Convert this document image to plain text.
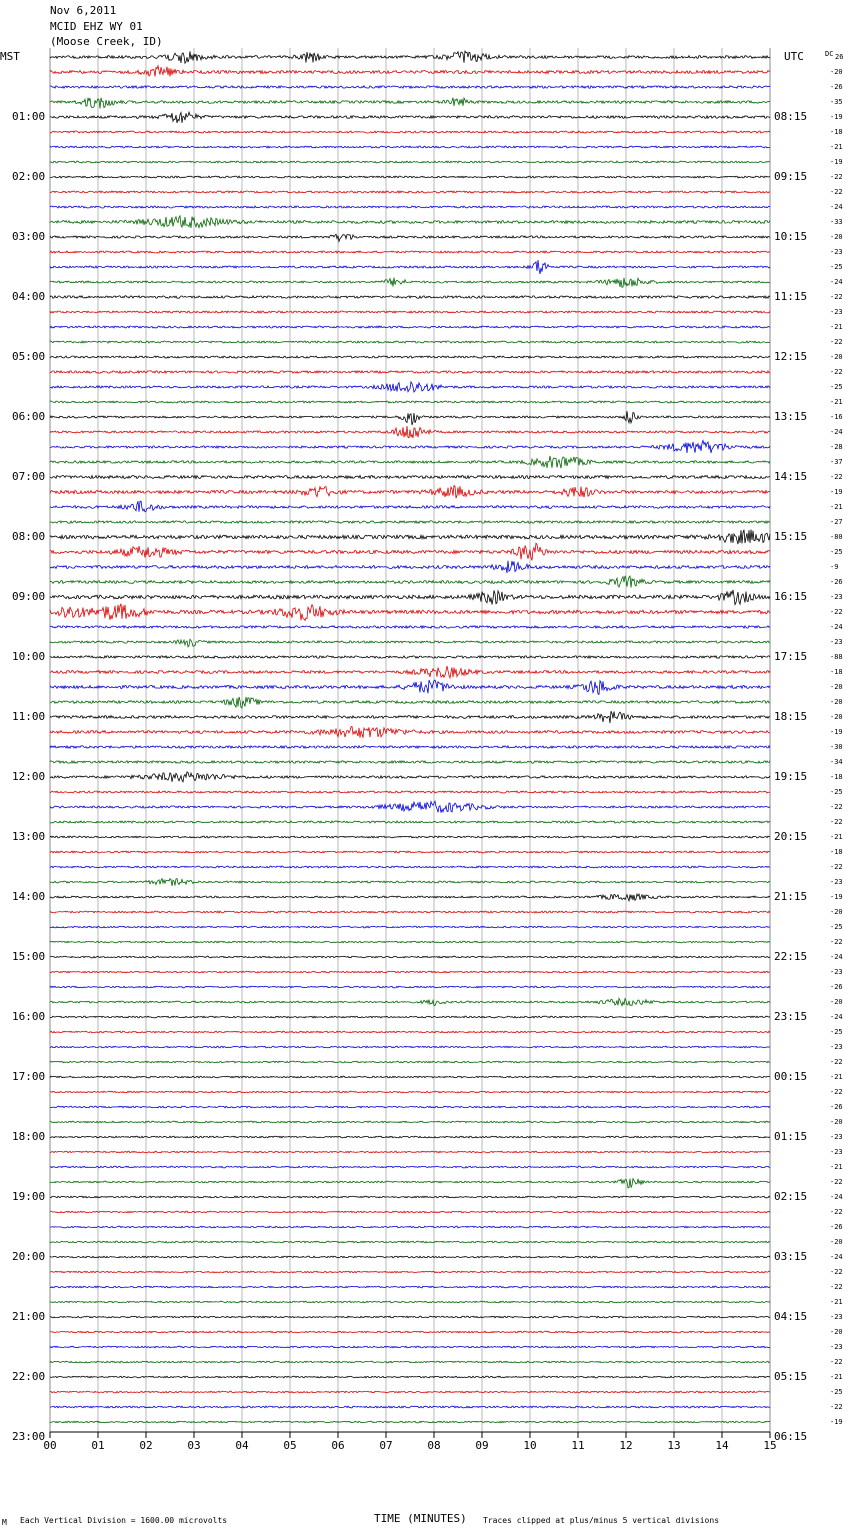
Nov 6,2011
MCID EHZ WY 01
(Moose Creek, ID)
MST	UTC	DC
00	01	02	03	04	05	06	07	08	09	10	11	12	13	14	15
01:00	08:15
02:00	09:15
03:00	10:15
04:00	11:15
05:00	12:15
06:00	13:15
07:00	14:15
08:00	15:15
09:00	16:15
10:00	17:15
11:00	18:15
12:00	19:15
13:00	20:15
14:00	21:15
15:00	22:15
16:00	23:15
17:00	00:15
18:00	01:15
19:00	02:15
20:00	03:15
21:00	04:15
22:00	05:15
23:00	06:15
26
-20
-26
-35
-19
-18
-21
-19
-22
-22
-24
-33
-20
-23
-25
-24
-22
-23
-21
-22
-20
-22
-25
-21
-16
-24
-28
-37
-22
-19
-21
-27
-80
-25
-9
-26
-23
-22
-24
-23
-88
-18
-20
-20
-20
-19
-30
-34
-18
-25
-22
-22
-21
-18
-22
-23
-19
-20
-25
-22
-24
-23
-26
-20
-24
-25
-23
-22
-21
-22
-26
-20
-23
-23
-21
-22
-24
-22
-26
-20
-24
-22
-22
-21
-23
-20
-23
-22
-21
-25
-22
-19
M Each Vertical Division = 1600.00 microvolts	TIME (MINUTES) Traces clipped at plus/minus 5 vertical divisions
